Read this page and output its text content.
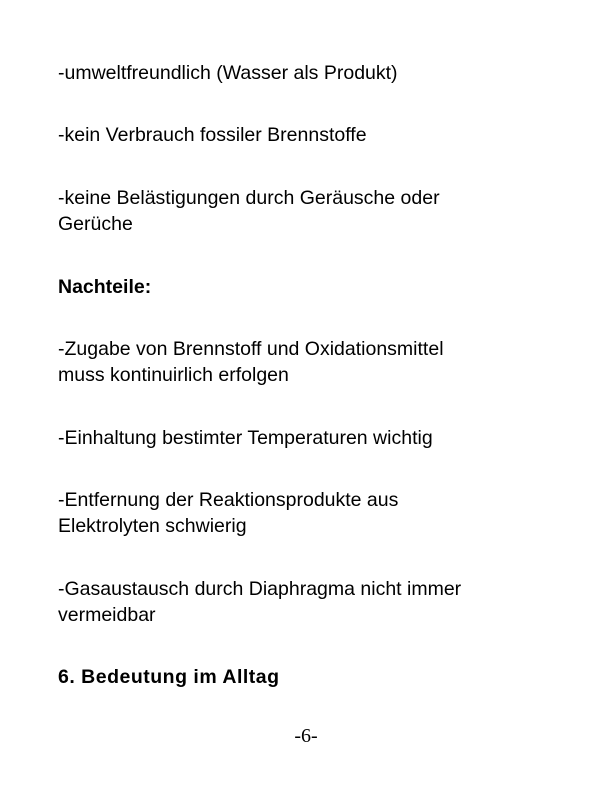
-umweltfreundlich (Wasser als Produkt)

-kein Verbrauch fossiler Brennstoffe

-keine Belästigungen durch Geräusche oder

Gerüche

Nachteile:

-Zugabe von Brennstoff und Oxidationsmittel

muss kontinuirlich erfolgen

-Einhaltung bestimter Temperaturen wichtig

-Entfernung der Reaktionsprodukte aus

Elektrolyten schwierig

-Gasaustausch durch Diaphragma nicht immer

vermeidbar

6. Bedeutung im Alltag

-6-
